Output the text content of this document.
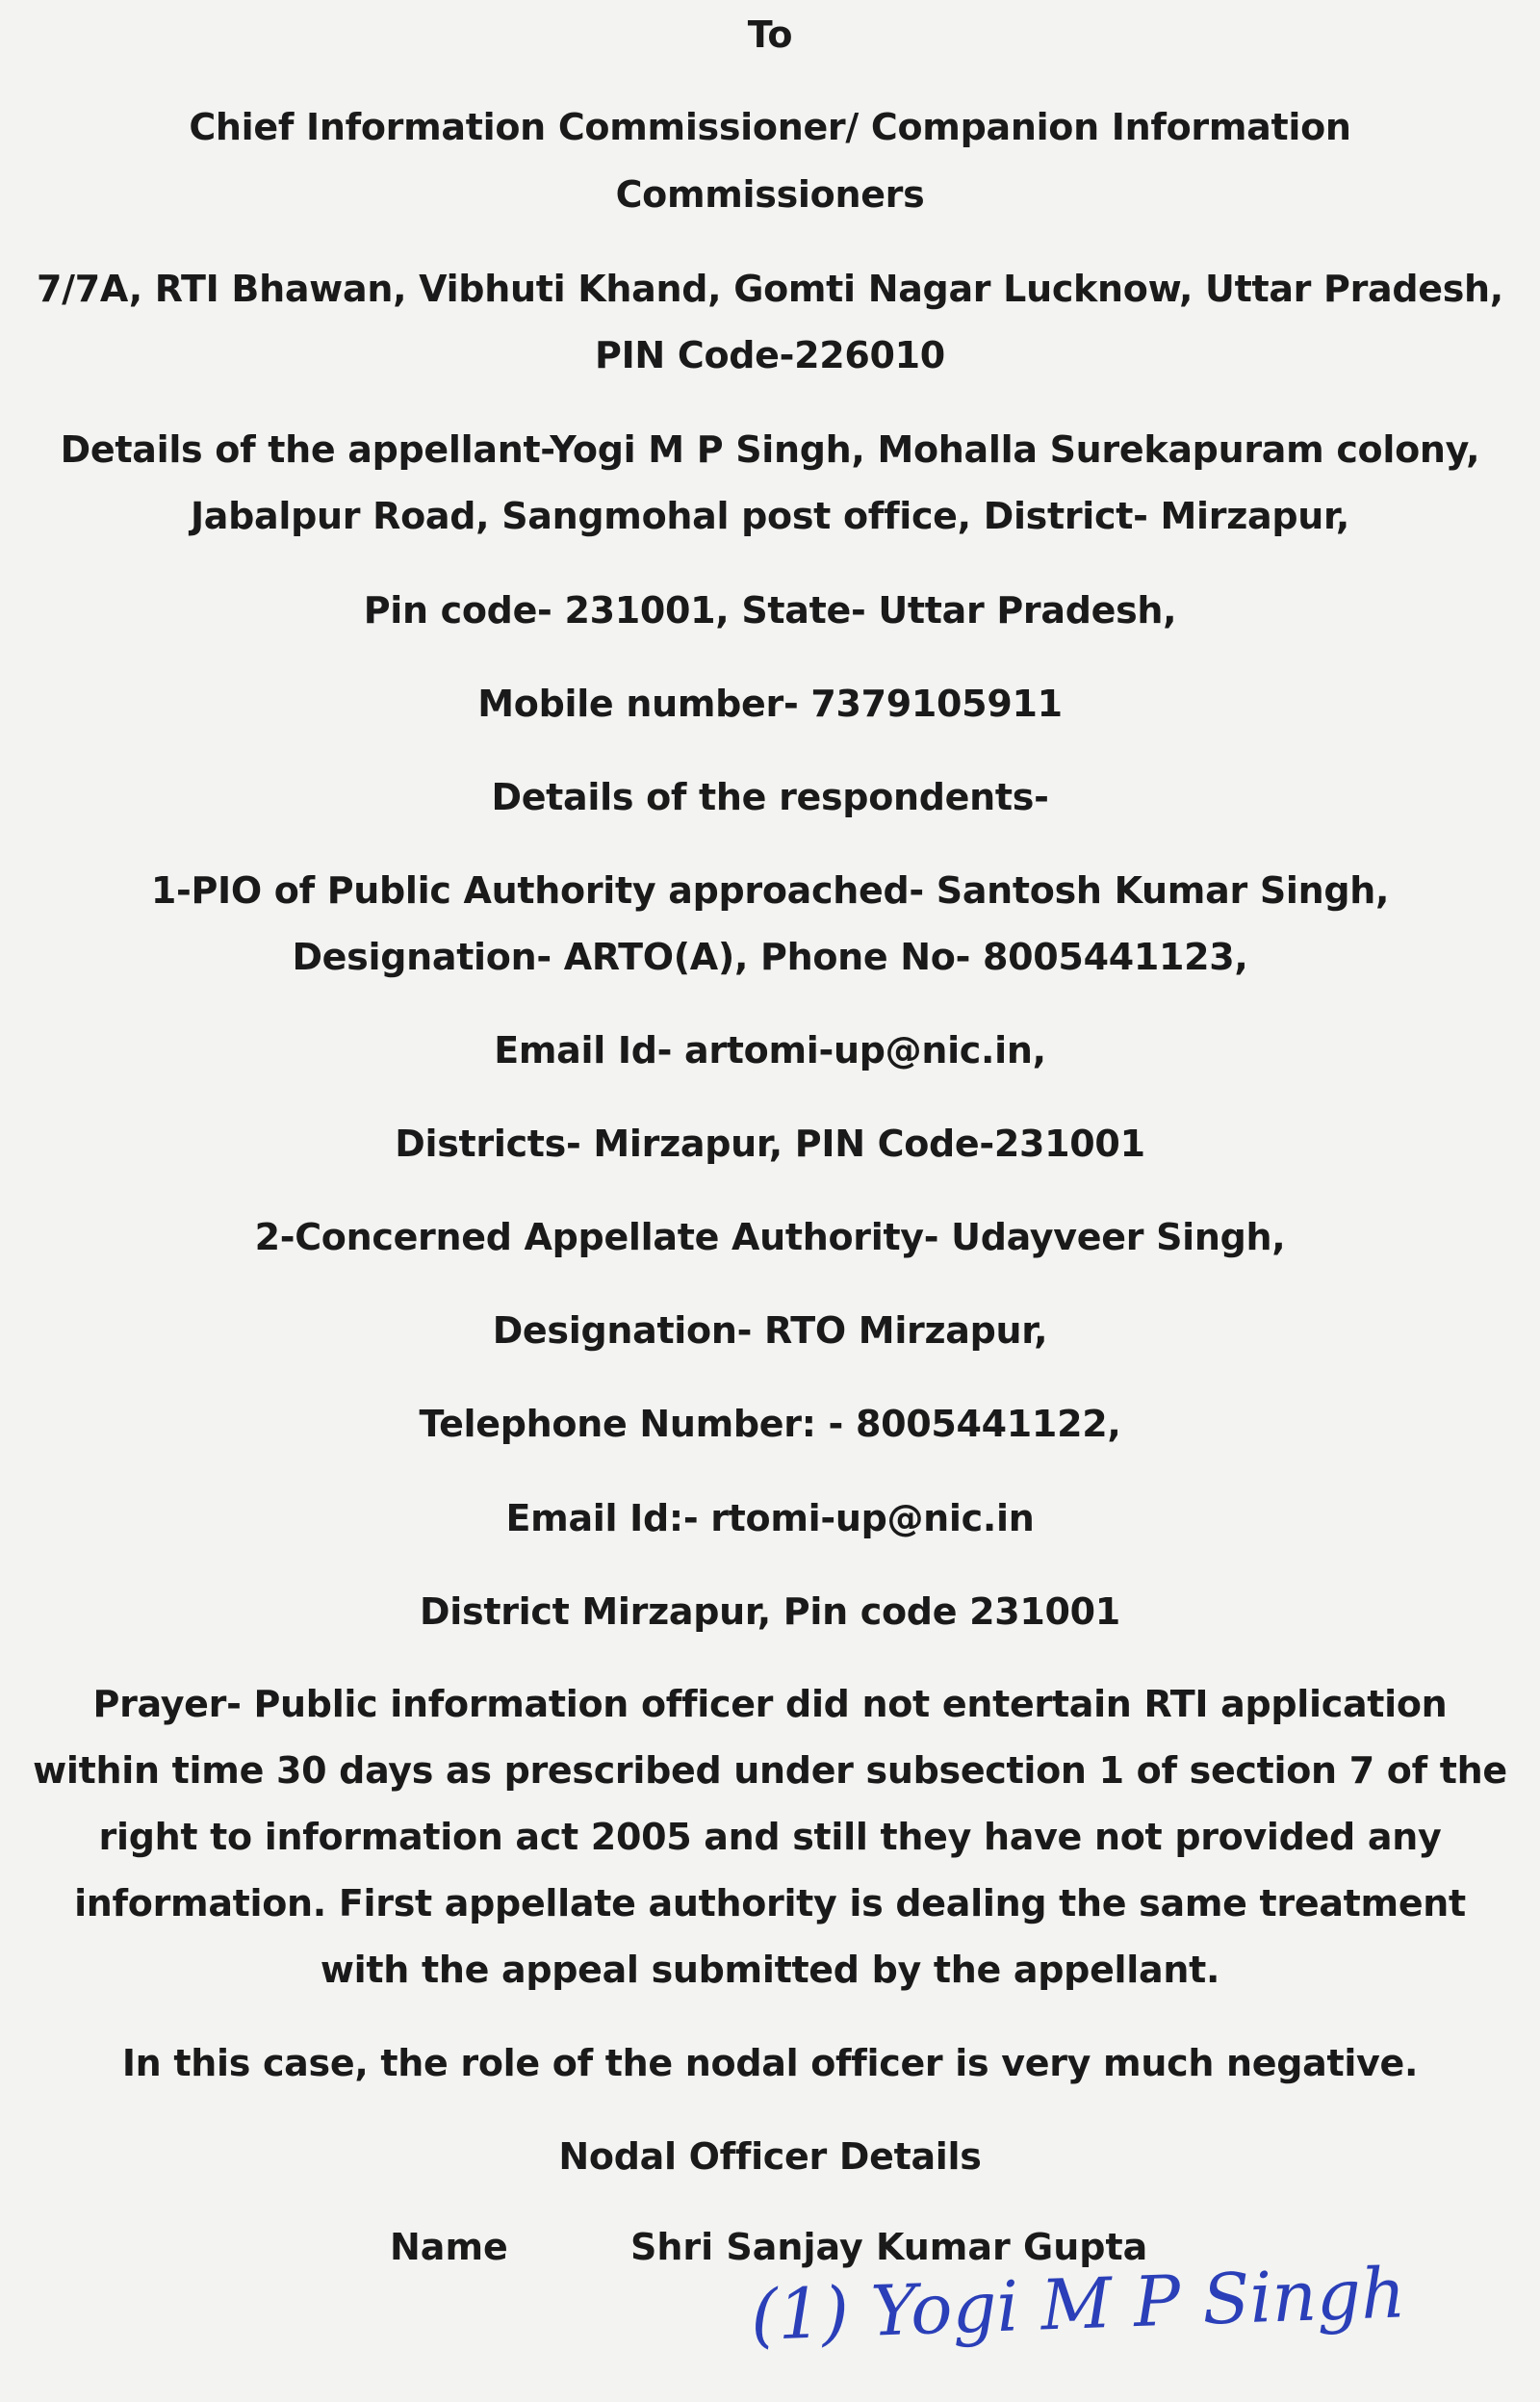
To
Chief Information Commissioner/ Companion Information
Commissioners
7/7A, RTI Bhawan, Vibhuti Khand, Gomti Nagar Lucknow, Uttar Pradesh,
PIN Code-226010
Details of the appellant-Yogi M P Singh, Mohalla Surekapuram colony,
Jabalpur Road, Sangmohal post office, District- Mirzapur,
Pin code- 231001, State- Uttar Pradesh,
Mobile number- 7379105911
Details of the respondents-
1-PIO of Public Authority approached- Santosh Kumar Singh,
Designation- ARTO(A), Phone No- 8005441123,
Email Id- artomi-up@nic.in,
Districts- Mirzapur, PIN Code-231001
2-Concerned Appellate Authority- Udayveer Singh,
Designation- RTO Mirzapur,
Telephone Number: - 8005441122,
Email Id:- rtomi-up@nic.in
District Mirzapur, Pin code 231001
Prayer- Public information officer did not entertain RTI application
within time 30 days as prescribed under subsection 1 of section 7 of the
right to information act 2005 and still they have not provided any
information. First appellate authority is dealing the same treatment
with the appeal submitted by the appellant.
In this case, the role of the nodal officer is very much negative.
Nodal Officer Details
Name	Shri Sanjay Kumar Gupta
(1) Yogi M P Singh
